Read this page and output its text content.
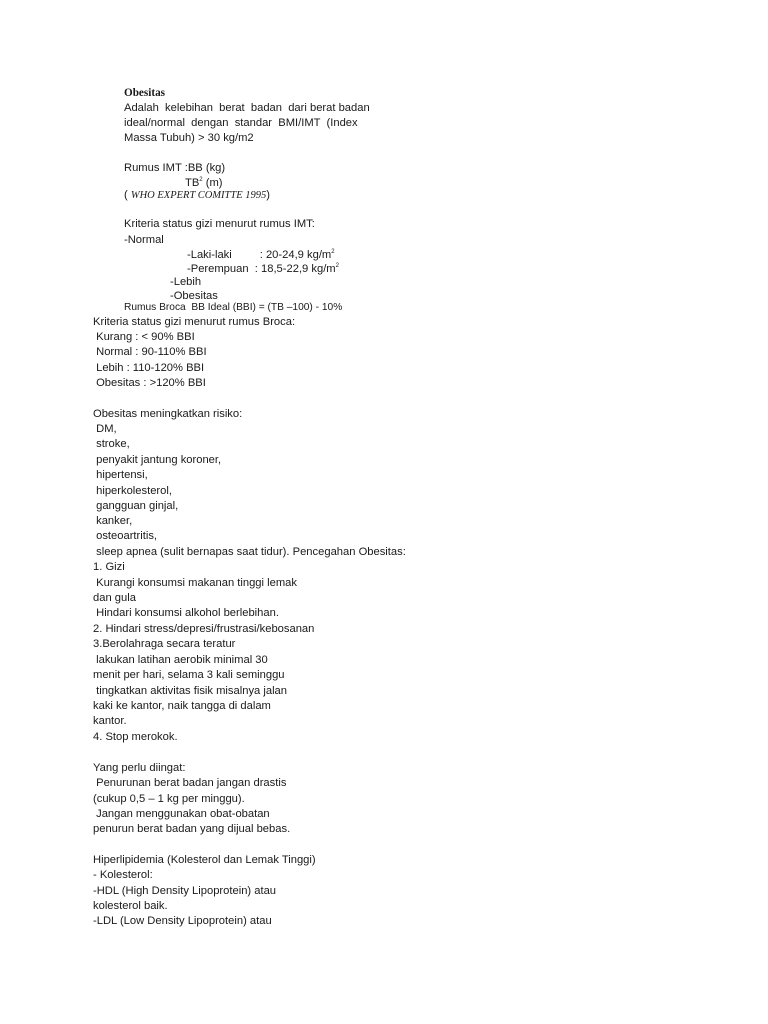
Obesitas
Adalah  kelebihan  berat  badan  dari berat badan
ideal/normal  dengan  standar  BMI/IMT  (Index
Massa Tubuh) > 30 kg/m2
Rumus IMT :BB (kg)
$TB^2$ (m)
( WHO EXPERT COMITTE 1995)
Kriteria status gizi menurut rumus IMT:
-Normal
-Laki-laki         : 20-24,9 $kg/m^2$
-Perempuan  : 18,5-22,9 $kg/m^2$
-Lebih
-Obesitas
Rumus Broca  BB Ideal (BBI) = (TB –100) - 10%
Kriteria status gizi menurut rumus Broca:
Kurang : < 90% BBI
Normal : 90-110% BBI
Lebih : 110-120% BBI
Obesitas : >120% BBI
Obesitas meningkatkan risiko:
DM,
stroke,
penyakit jantung koroner,
hipertensi,
hiperkolesterol,
gangguan ginjal,
kanker,
osteoartritis,
sleep apnea (sulit bernapas saat tidur). Pencegahan Obesitas:
1. Gizi
Kurangi konsumsi makanan tinggi lemak
dan gula
Hindari konsumsi alkohol berlebihan.
2. Hindari stress/depresi/frustrasi/kebosanan
3.Berolahraga secara teratur
lakukan latihan aerobik minimal 30
menit per hari, selama 3 kali seminggu
tingkatkan aktivitas fisik misalnya jalan
kaki ke kantor, naik tangga di dalam
kantor.
4. Stop merokok.
Yang perlu diingat:
Penurunan berat badan jangan drastis
(cukup 0,5 – 1 kg per minggu).
Jangan menggunakan obat-obatan
penurun berat badan yang dijual bebas.
Hiperlipidemia (Kolesterol dan Lemak Tinggi)
- Kolesterol:
-HDL (High Density Lipoprotein) atau
kolesterol baik.
-LDL (Low Density Lipoprotein) atau
